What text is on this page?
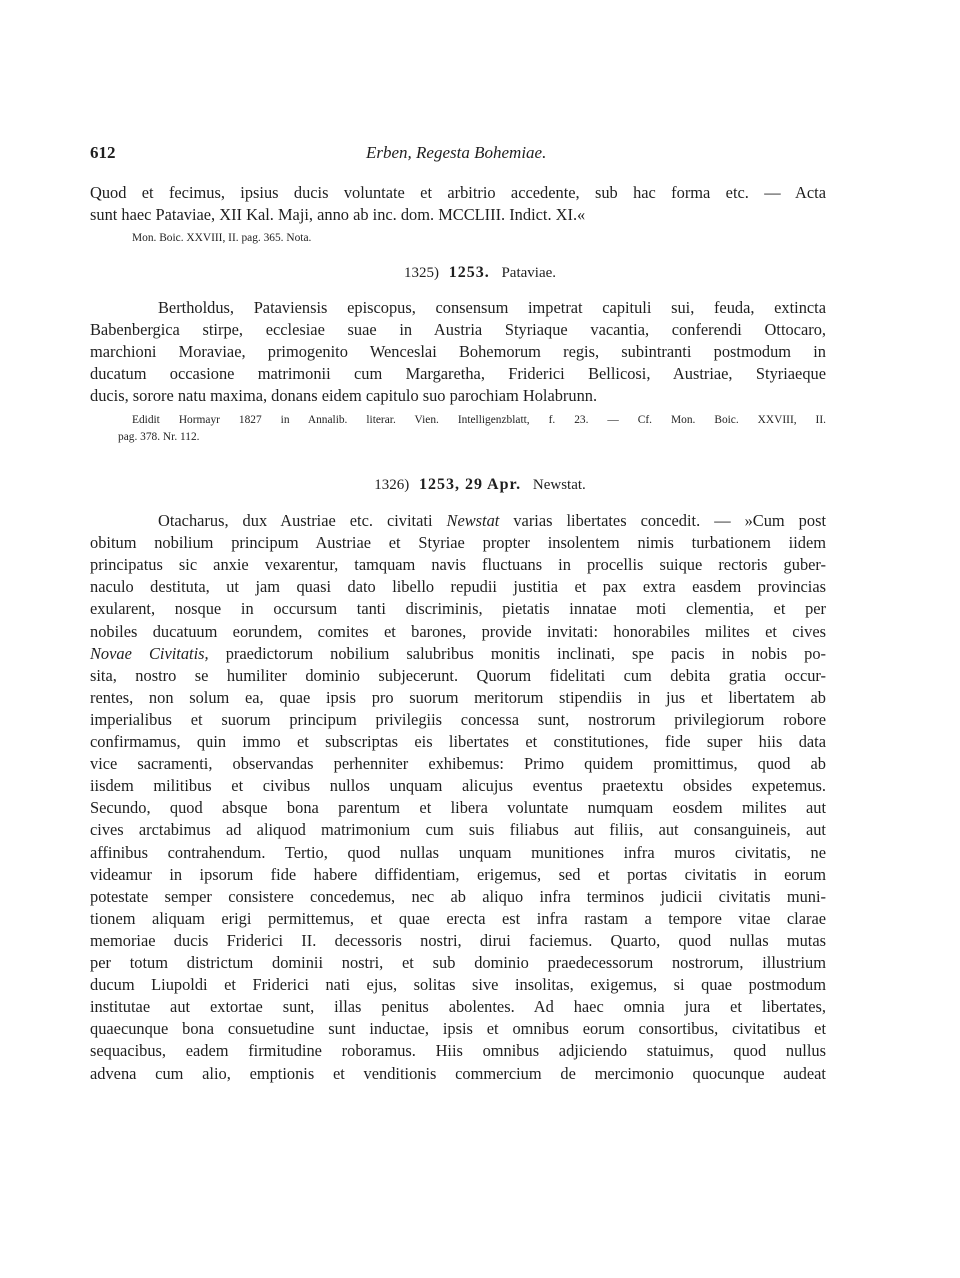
612	Erben, Regesta Bohemiae.
Quod et fecimus, ipsius ducis voluntate et arbitrio accedente, sub hac forma etc. — Acta
sunt haec Pataviae, XII Kal. Maji, anno ab inc. dom. MCCLIII. Indict. XI.«
Mon. Boic. XXVIII, II. pag. 365. Nota.
1325) 1253. Pataviae.
Bertholdus, Pataviensis episcopus, consensum impetrat capituli sui, feuda, extincta
Babenbergica stirpe, ecclesiae suae in Austria Styriaque vacantia, conferendi Ottocaro,
marchioni Moraviae, primogenito Wenceslai Bohemorum regis, subintranti postmodum in
ducatum occasione matrimonii cum Margaretha, Friderici Bellicosi, Austriae, Styriaeque
ducis, sorore natu maxima, donans eidem capitulo suo parochiam Holabrunn.
Edidit Hormayr 1827 in Annalib. literar. Vien. Intelligenzblatt, f. 23. — Cf. Mon. Boic. XXVIII, II.
pag. 378. Nr. 112.
1326) 1253, 29 Apr. Newstat.
Otacharus, dux Austriae etc. civitati Newstat varias libertates concedit. — »Cum post
obitum nobilium principum Austriae et Styriae propter insolentem nimis turbationem iidem
principatus sic anxie vexarentur, tamquam navis fluctuans in procellis suique rectoris guber-
naculo destituta, ut jam quasi dato libello repudii justitia et pax extra easdem provincias
exularent, nosque in occursum tanti discriminis, pietatis innatae moti clementia, et per
nobiles ducatuum eorundem, comites et barones, provide invitati: honorabiles milites et cives
Novae Civitatis, praedictorum nobilium salubribus monitis inclinati, spe pacis in nobis po-
sita, nostro se humiliter dominio subjecerunt. Quorum fidelitati cum debita gratia occur-
rentes, non solum ea, quae ipsis pro suorum meritorum stipendiis in jus et libertatem ab
imperialibus et suorum principum privilegiis concessa sunt, nostrorum privilegiorum robore
confirmamus, quin immo et subscriptas eis libertates et constitutiones, fide super hiis data
vice sacramenti, observandas perhenniter exhibemus: Primo quidem promittimus, quod ab
iisdem militibus et civibus nullos unquam alicujus eventus praetextu obsides expetemus.
Secundo, quod absque bona parentum et libera voluntate numquam eosdem milites aut
cives arctabimus ad aliquod matrimonium cum suis filiabus aut filiis, aut consanguineis, aut
affinibus contrahendum. Tertio, quod nullas unquam munitiones infra muros civitatis, ne
videamur in ipsorum fide habere diffidentiam, erigemus, sed et portas civitatis in eorum
potestate semper consistere concedemus, nec ab aliquo infra terminos judicii civitatis muni-
tionem aliquam erigi permittemus, et quae erecta est infra rastam a tempore vitae clarae
memoriae ducis Friderici II. decessoris nostri, dirui faciemus. Quarto, quod nullas mutas
per totum districtum dominii nostri, et sub dominio praedecessorum nostrorum, illustrium
ducum Liupoldi et Friderici nati ejus, solitas sive insolitas, exigemus, si quae postmodum
institutae aut extortae sunt, illas penitus abolentes. Ad haec omnia jura et libertates,
quaecunque bona consuetudine sunt inductae, ipsis et omnibus eorum consortibus, civitatibus et
sequacibus, eadem firmitudine roboramus. Hiis omnibus adjiciendo statuimus, quod nullus
advena cum alio, emptionis et venditionis commercium de mercimonio quocunque audeat
